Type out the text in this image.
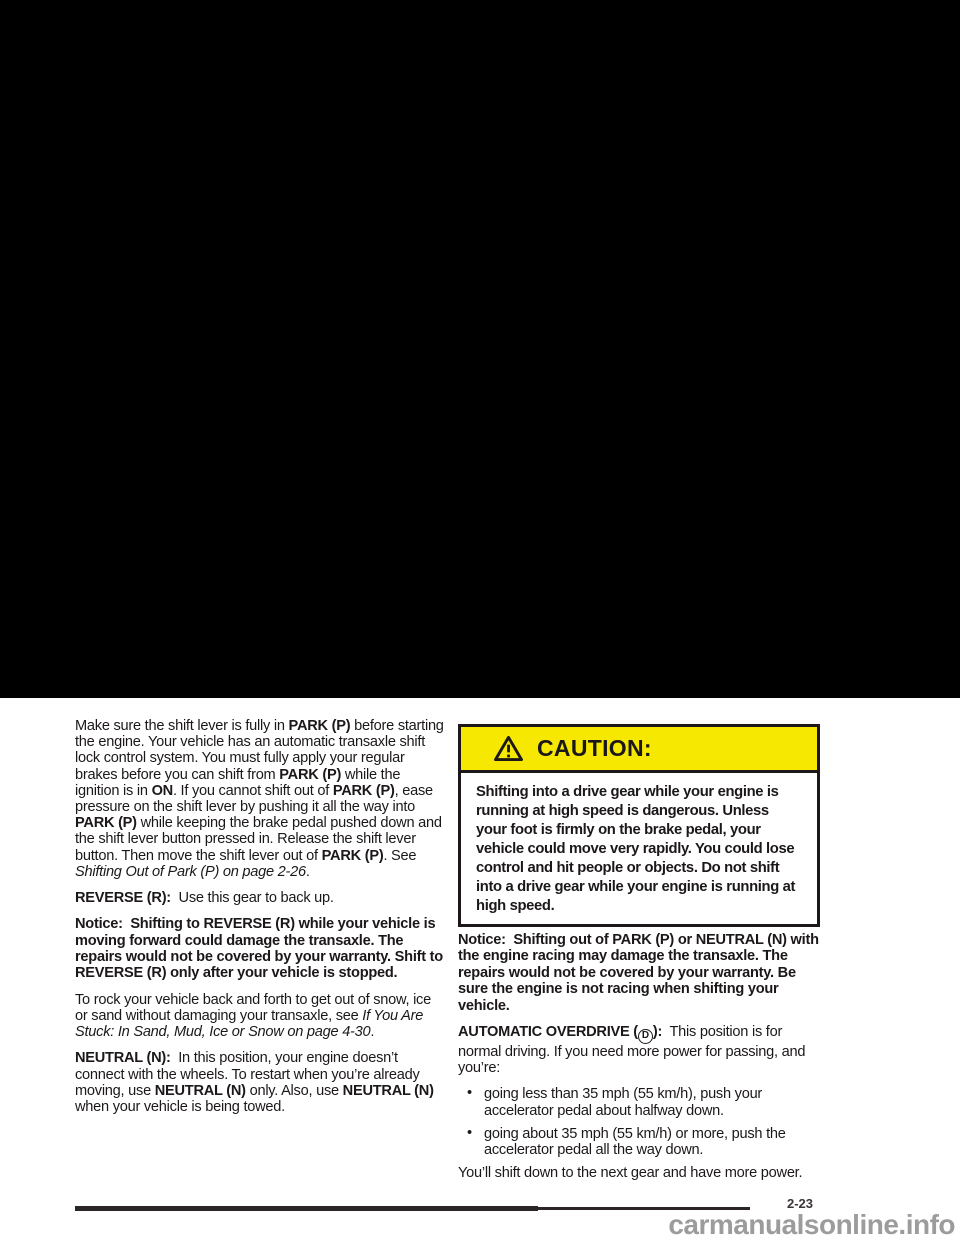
Make sure the shift lever is fully in PARK (P) before starting the engine. Your vehicle has an automatic transaxle shift lock control system. You must fully apply your regular brakes before you can shift from PARK (P) while the ignition is in ON. If you cannot shift out of PARK (P), ease pressure on the shift lever by pushing it all the way into PARK (P) while keeping the brake pedal pushed down and the shift lever button pressed in. Release the shift lever button. Then move the shift lever out of PARK (P). See Shifting Out of Park (P) on page 2-26.

REVERSE (R):  Use this gear to back up.

Notice:  Shifting to REVERSE (R) while your vehicle is moving forward could damage the transaxle. The repairs would not be covered by your warranty. Shift to REVERSE (R) only after your vehicle is stopped.

To rock your vehicle back and forth to get out of snow, ice or sand without damaging your transaxle, see If You Are Stuck: In Sand, Mud, Ice or Snow on page 4-30.

NEUTRAL (N):  In this position, your engine doesn’t connect with the wheels. To restart when you’re already moving, use NEUTRAL (N) only. Also, use NEUTRAL (N) when your vehicle is being towed.

CAUTION:
Shifting into a drive gear while your engine is running at high speed is dangerous. Unless your foot is firmly on the brake pedal, your vehicle could move very rapidly. You could lose control and hit people or objects. Do not shift into a drive gear while your engine is running at high speed.

Notice:  Shifting out of PARK (P) or NEUTRAL (N) with the engine racing may damage the transaxle. The repairs would not be covered by your warranty. Be sure the engine is not racing when shifting your vehicle.

AUTOMATIC OVERDRIVE ( D ):  This position is for normal driving. If you need more power for passing, and you’re:

• going less than 35 mph (55 km/h), push your accelerator pedal about halfway down.
• going about 35 mph (55 km/h) or more, push the accelerator pedal all the way down.

You’ll shift down to the next gear and have more power.

2-23
carmanualsonline.info
